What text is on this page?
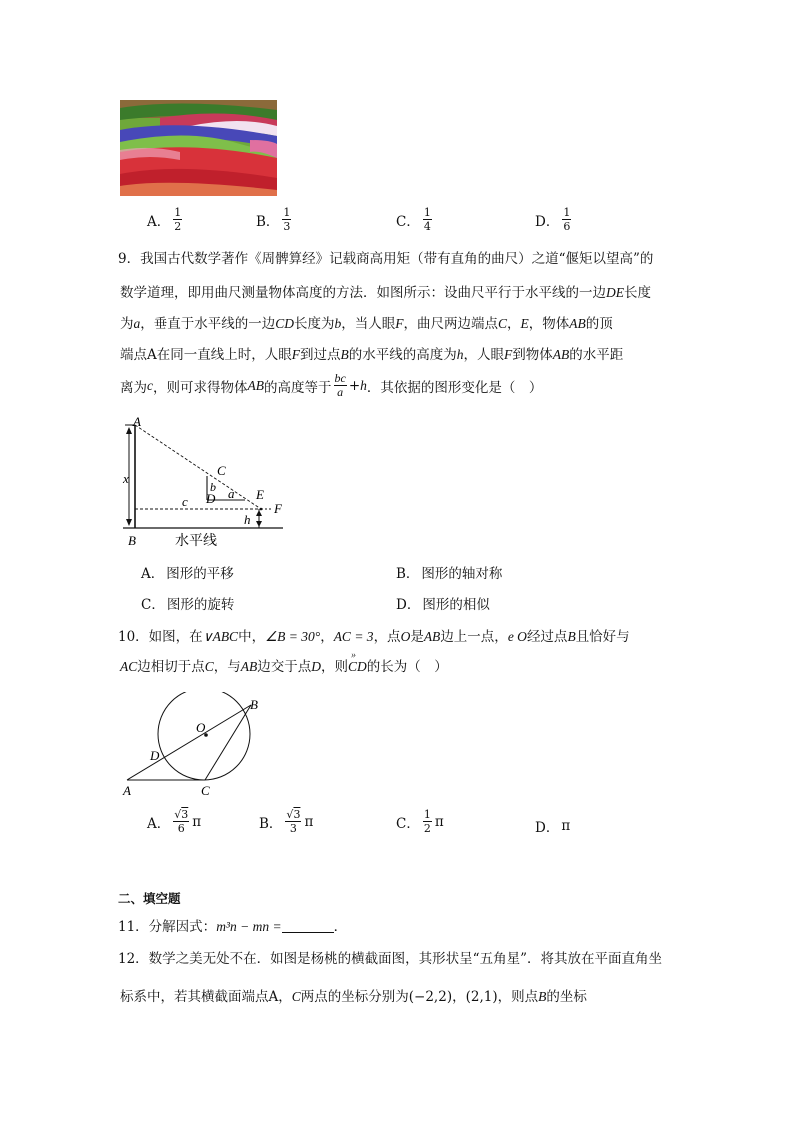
A． $\frac{1}{2}$	B． $\frac{1}{3}$	C． $\frac{1}{4}$	D． $\frac{1}{6}$
9．我国古代数学著作《周髀算经》记载商高用矩（带有直角的曲尺）之道“偃矩以望高”的
数学道理，即用曲尺测量物体高度的方法．如图所示：设曲尺平行于水平线的一边DE长度
为a，垂直于水平线的一边CD长度为b，当人眼F，曲尺两边端点C，E，物体AB的顶
端点A在同一直线上时，人眼F到过点B的水平线的高度为h，人眼F到物体AB的水平距
离为 c ，则可求得物体 AB 的高度等于 $\frac{bc}{a} + h$ ．其依据的图形变化是（　）
A
B
x
C
b
D a
c	E
F
h
水平线
A． 图形的平移	B． 图形的轴对称
C． 图形的旋转	D． 图形的相似
10．如图，在∨ABC中，∠B = 30°，AC = 3，点O是AB边上一点，e O经过点B且恰好与
AC边相切于点C，与AB边交于点D，则
»
CD的长为（　）
O
B
D
A	C
A． $\frac{√3}{6}$ π	B． $\frac{√3}{3}$ π	C． $\frac{1}{2}$ π	D． π
二、填空题
11．分解因式：m³n − mn =	．
12．数学之美无处不在．如图是杨桃的横截面图，其形状呈“五角星”．将其放在平面直角坐
标系中，若其横截面端点A，C两点的坐标分别为(−2,2)，(2,1)，则点B的坐标
